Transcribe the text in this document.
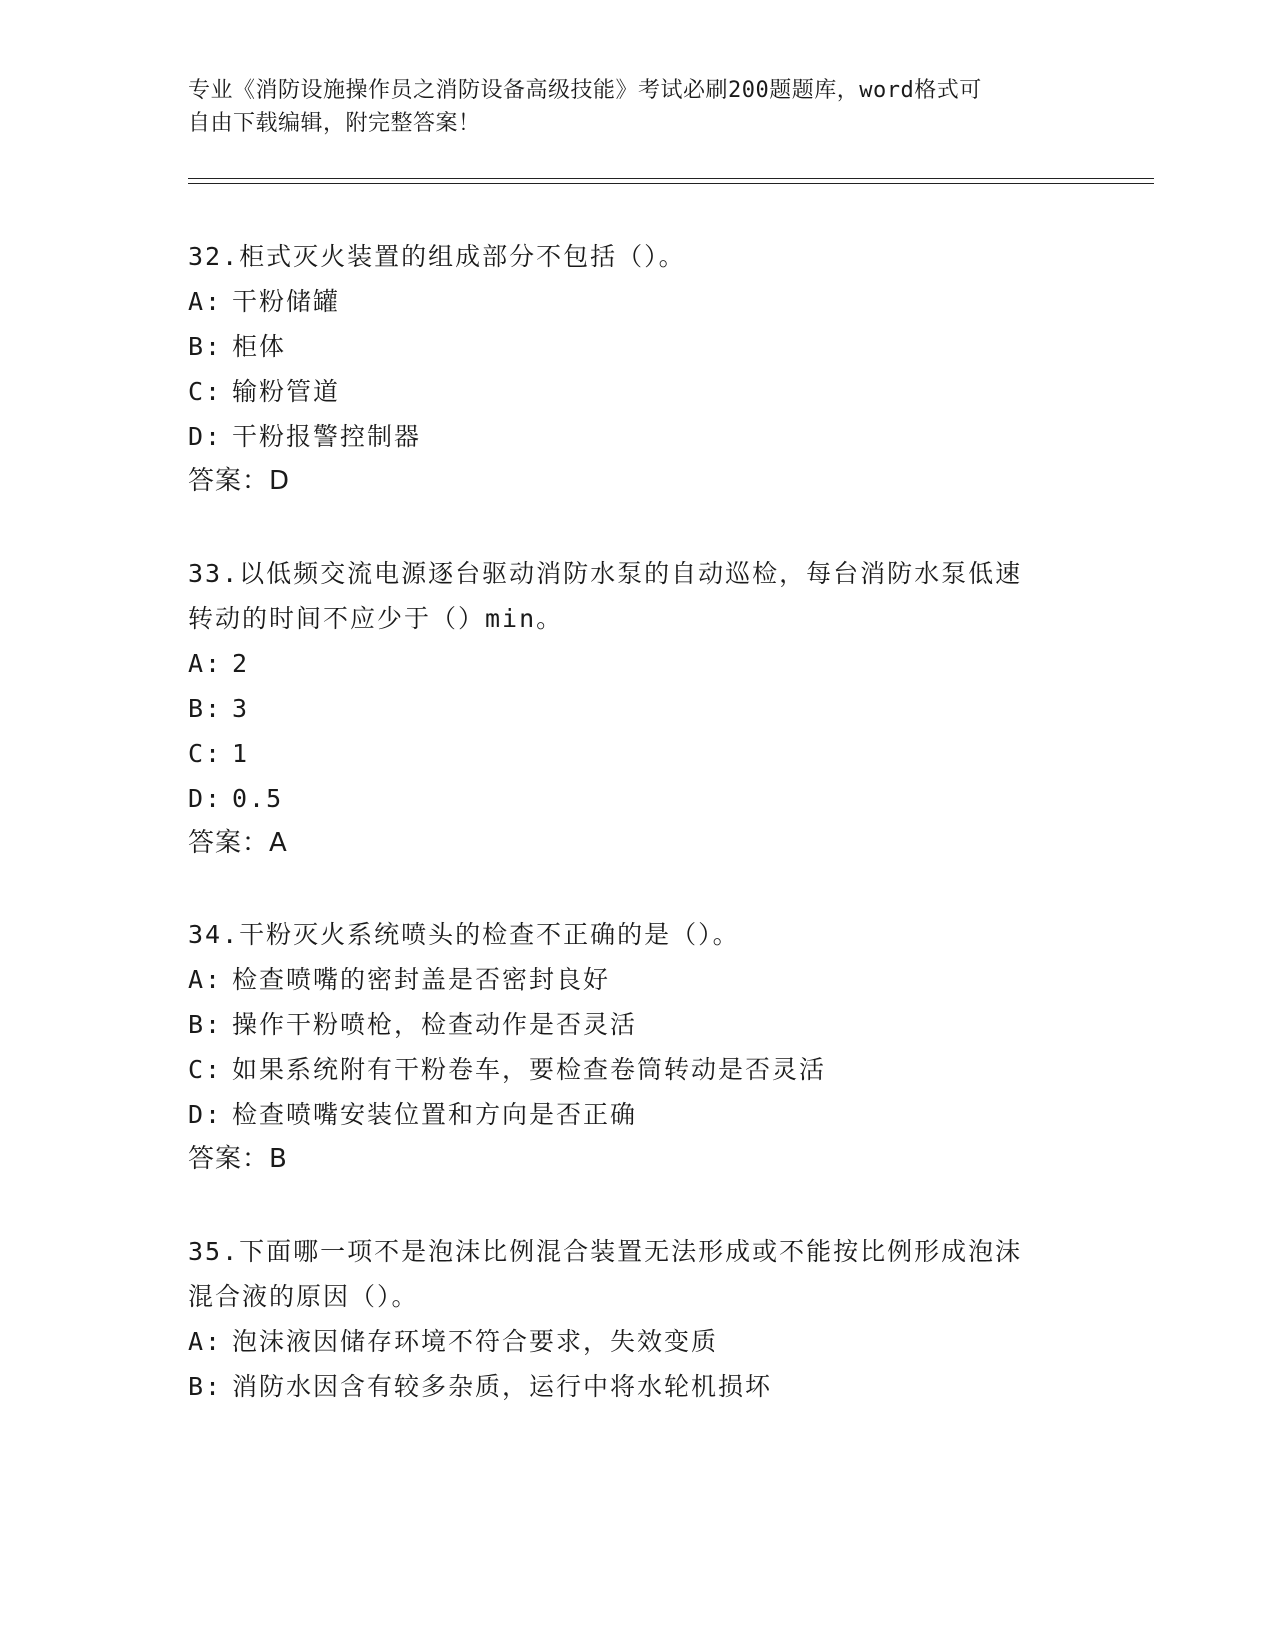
专业《消防设施操作员之消防设备高级技能》考试必刷200题题库，word格式可
自由下载编辑，附完整答案！

32.柜式灭火装置的组成部分不包括（）。

A: 干粉储罐

B: 柜体

C: 输粉管道

D: 干粉报警控制器

答案：D

33.以低频交流电源逐台驱动消防水泵的自动巡检，每台消防水泵低速

转动的时间不应少于（）min。

A: 2

B: 3

C: 1

D: 0.5

答案：A

34.干粉灭火系统喷头的检查不正确的是（）。

A: 检查喷嘴的密封盖是否密封良好

B: 操作干粉喷枪，检查动作是否灵活

C: 如果系统附有干粉卷车，要检查卷筒转动是否灵活

D: 检查喷嘴安装位置和方向是否正确

答案：B

35.下面哪一项不是泡沫比例混合装置无法形成或不能按比例形成泡沫

混合液的原因（）。

A: 泡沫液因储存环境不符合要求，失效变质

B: 消防水因含有较多杂质，运行中将水轮机损坏
